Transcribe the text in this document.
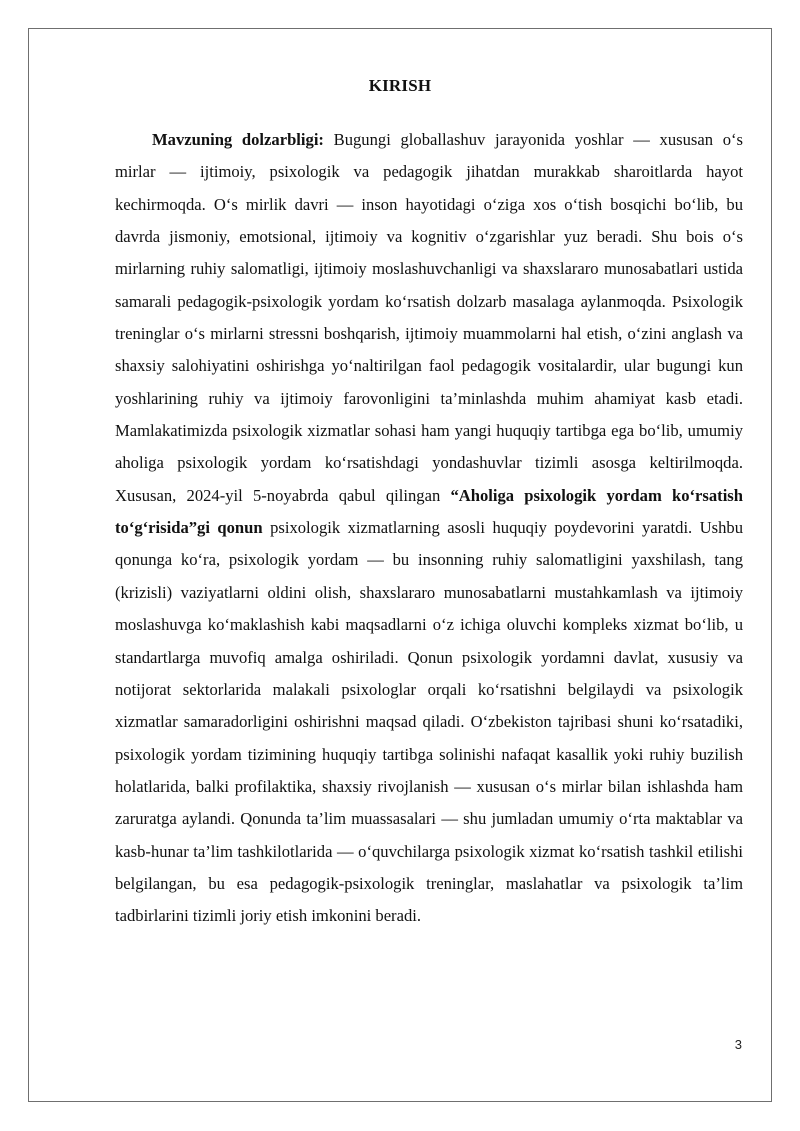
KIRISH

Mavzuning dolzarbligi: Bugungi globallashuv jarayonida yoshlar — xususan o‘s mirlar — ijtimoiy, psixologik va pedagogik jihatdan murakkab sharoitlarda hayot kechirmoqda. O‘s mirlik davri — inson hayotidagi o‘ziga xos o‘tish bosqichi bo‘lib, bu davrda jismoniy, emotsional, ijtimoiy va kognitiv o‘zgarishlar yuz beradi. Shu bois o‘s mirlarning ruhiy salomatligi, ijtimoiy moslashuvchanligi va shaxslararo munosabatlari ustida samarali pedagogik-psixologik yordam ko‘rsatish dolzarb masalaga aylanmoqda. Psixologik treninglar o‘s mirlarni stressni boshqarish, ijtimoiy muammolarni hal etish, o‘zini anglash va shaxsiy salohiyatini oshirishga yo‘naltirilgan faol pedagogik vositalardir, ular bugungi kun yoshlarining ruhiy va ijtimoiy farovonligini ta’minlashda muhim ahamiyat kasb etadi. Mamlakatimizda psixologik xizmatlar sohasi ham yangi huquqiy tartibga ega bo‘lib, umumiy aholiga psixologik yordam ko‘rsatishdagi yondashuvlar tizimli asosga keltirilmoqda. Xususan, 2024-yil 5-noyabrda qabul qilingan “Aholiga psixologik yordam ko‘rsatish to‘g‘risida”gi qonun psixologik xizmatlarning asosli huquqiy poydevorini yaratdi. Ushbu qonunga ko‘ra, psixologik yordam — bu insonning ruhiy salomatligini yaxshilash, tang (krizisli) vaziyatlarni oldini olish, shaxslararo munosabatlarni mustahkamlash va ijtimoiy moslashuvga ko‘maklashish kabi maqsadlarni o‘z ichiga oluvchi kompleks xizmat bo‘lib, u standartlarga muvofiq amalga oshiriladi. Qonun psixologik yordamni davlat, xususiy va notijorat sektorlarida malakali psixologlar orqali ko‘rsatishni belgilaydi va psixologik xizmatlar samaradorligini oshirishni maqsad qiladi. O‘zbekiston tajribasi shuni ko‘rsatadiki, psixologik yordam tizimining huquqiy tartibga solinishi nafaqat kasallik yoki ruhiy buzilish holatlarida, balki profilaktika, shaxsiy rivojlanish — xususan o‘s mirlar bilan ishlashda ham zaruratga aylandi. Qonunda ta’lim muassasalari — shu jumladan umumiy o‘rta maktablar va kasb-hunar ta’lim tashkilotlarida — o‘quvchilarga psixologik xizmat ko‘rsatish tashkil etilishi belgilangan, bu esa pedagogik-psixologik treninglar, maslahatlar va psixologik ta’lim tadbirlarini tizimli joriy etish imkonini beradi.

3
